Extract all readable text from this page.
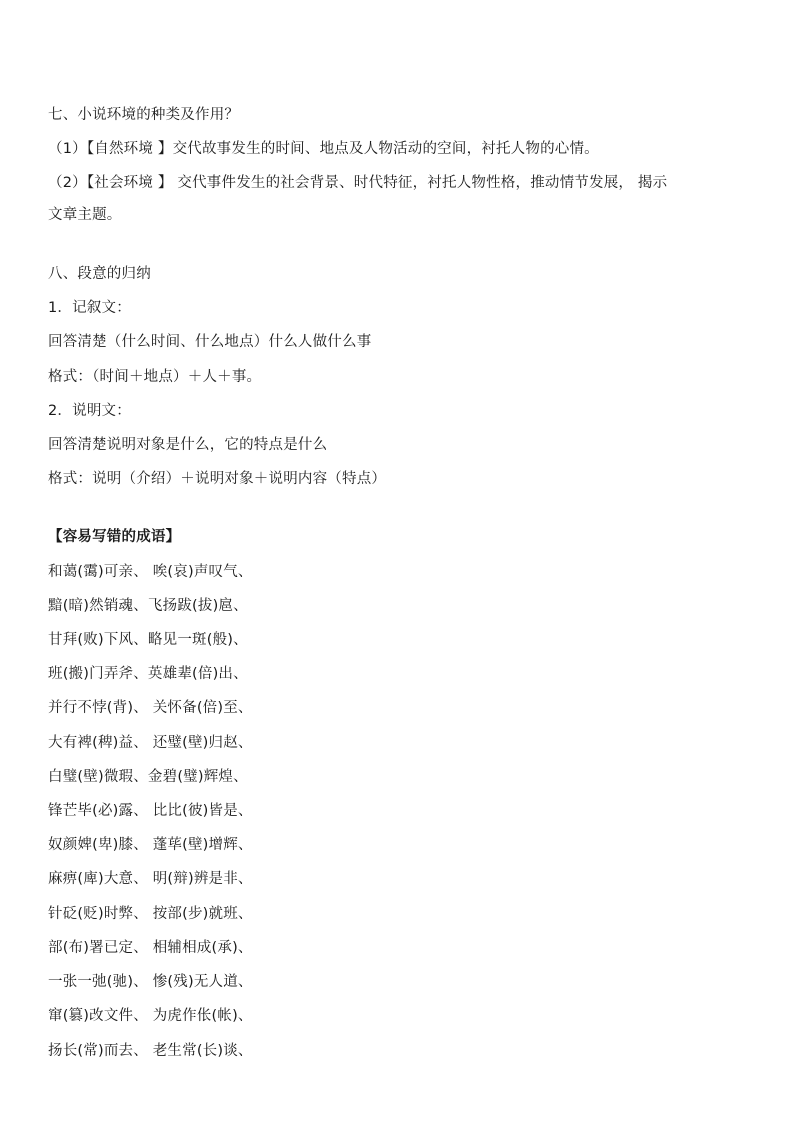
七、小说环境的种类及作用？
（1）【自然环境 】交代故事发生的时间、地点及人物活动的空间，衬托人物的心情。
（2）【社会环境 】 交代事件发生的社会背景、时代特征，衬托人物性格，推动情节发展， 揭示
文章主题。
八、段意的归纳
1．记叙文：
回答清楚（什么时间、什么地点）什么人做什么事
格式：（时间＋地点）＋人＋事。
2．说明文：
回答清楚说明对象是什么，它的特点是什么
格式：说明（介绍）＋说明对象＋说明内容（特点）
【容易写错的成语】
和蔼(霭)可亲、 唉(哀)声叹气、
黯(暗)然销魂、飞扬跋(拔)扈、
甘拜(败)下风、略见一斑(般)、
班(搬)门弄斧、英雄辈(倍)出、
并行不悖(背)、 关怀备(倍)至、
大有裨(稗)益、 还璧(壁)归赵、
白璧(壁)微瑕、金碧(璧)辉煌、
锋芒毕(必)露、 比比(彼)皆是、
奴颜婢(卑)膝、 蓬荜(壁)增辉、
麻痹(庳)大意、 明(辩)辨是非、
针砭(贬)时弊、 按部(步)就班、
部(布)署已定、 相辅相成(承)、
一张一弛(驰)、 惨(残)无人道、
窜(篡)改文件、 为虎作伥(帐)、
扬长(常)而去、 老生常(长)谈、
